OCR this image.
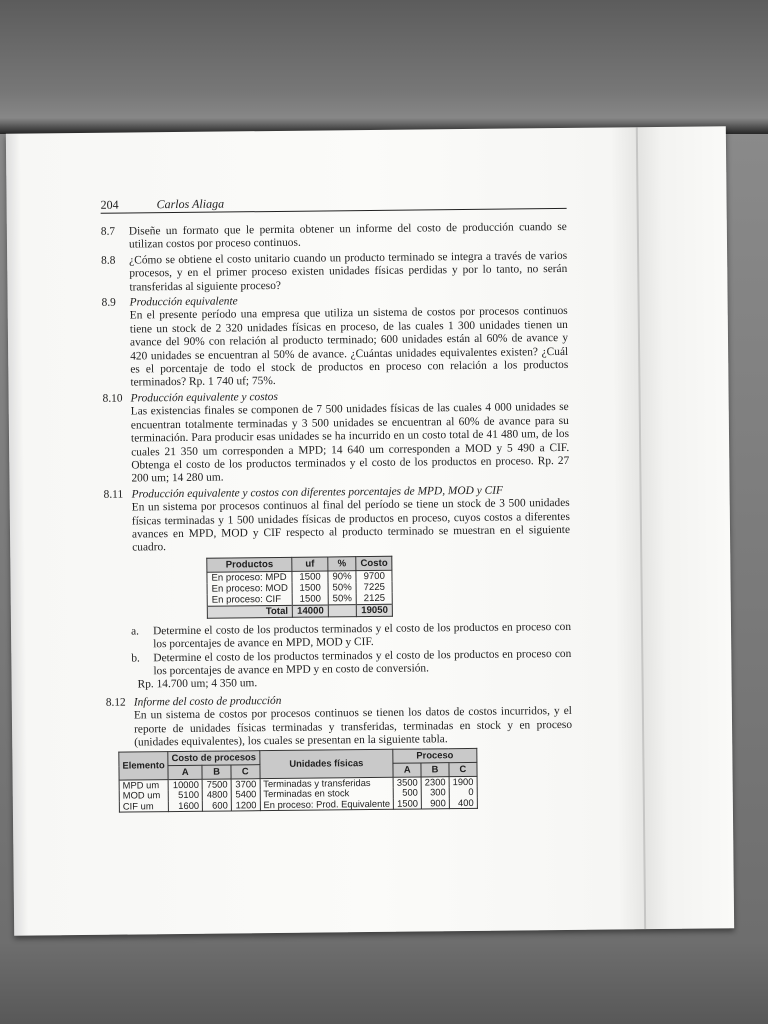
204	Carlos Aliaga
8.7 Diseñe un formato que le permita obtener un informe del costo de producción cuando se utilizan costos por proceso continuos.
8.8 ¿Cómo se obtiene el costo unitario cuando un producto terminado se integra a través de varios procesos, y en el primer proceso existen unidades físicas perdidas y por lo tanto, no serán transferidas al siguiente proceso?
8.9 Producción equivalente
En el presente período una empresa que utiliza un sistema de costos por procesos continuos tiene un stock de 2 320 unidades físicas en proceso, de las cuales 1 300 unidades tienen un avance del 90% con relación al producto terminado; 600 unidades están al 60% de avance y 420 unidades se encuentran al 50% de avance. ¿Cuántas unidades equivalentes existen? ¿Cuál es el porcentaje de todo el stock de productos en proceso con relación a los productos terminados? Rp. 1 740 uf; 75%.
8.10 Producción equivalente y costos
Las existencias finales se componen de 7 500 unidades físicas de las cuales 4 000 unidades se encuentran totalmente terminadas y 3 500 unidades se encuentran al 60% de avance para su terminación. Para producir esas unidades se ha incurrido en un costo total de 41 480 um, de los cuales 21 350 um corresponden a MPD; 14 640 um corresponden a MOD y 5 490 a CIF. Obtenga el costo de los productos terminados y el costo de los productos en proceso. Rp. 27 200 um; 14 280 um.
8.11 Producción equivalente y costos con diferentes porcentajes de MPD, MOD y CIF
En un sistema por procesos continuos al final del período se tiene un stock de 3 500 unidades físicas terminadas y 1 500 unidades físicas de productos en proceso, cuyos costos a diferentes avances en MPD, MOD y CIF respecto al producto terminado se muestran en el siguiente cuadro.
Productos	uf	%	Costo
En proceso: MPD	1500	90%	9700
En proceso: MOD	1500	50%	7225
En proceso: CIF	1500	50%	2125
Total	14000		19050
a. Determine el costo de los productos terminados y el costo de los productos en proceso con los porcentajes de avance en MPD, MOD y CIF.
b. Determine el costo de los productos terminados y el costo de los productos en proceso con los porcentajes de avance en MPD y en costo de conversión.
Rp. 14.700 um; 4 350 um.
8.12 Informe del costo de producción
En un sistema de costos por procesos continuos se tienen los datos de costos incurridos, y el reporte de unidades físicas terminadas y transferidas, terminadas en stock y en proceso (unidades equivalentes), los cuales se presentan en la siguiente tabla.
Elemento	Costo de procesos			Unidades físicas	Proceso		
	A	B	C		A	B	C
MPD um	10000	7500	3700	Terminadas y transferidas	3500	2300	1900
MOD um	5100	4800	5400	Terminadas en stock	500	300	0
CIF um	1600	600	1200	En proceso: Prod. Equivalente	1500	900	400
